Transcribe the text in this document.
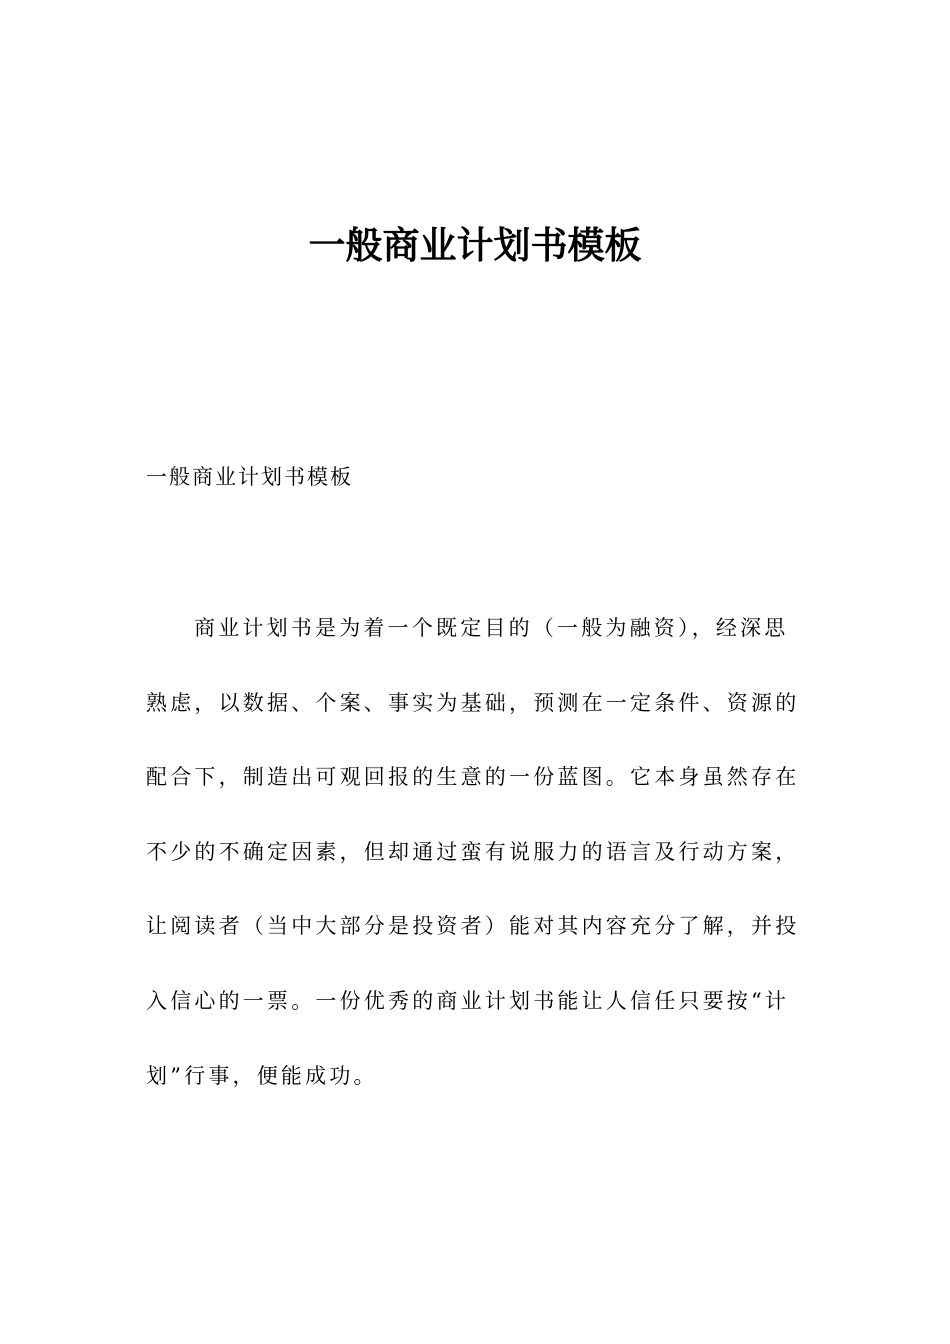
一般商业计划书模板

一般商业计划书模板

商业计划书是为着一个既定目的（一般为融资），经深思
熟虑，以数据、个案、事实为基础，预测在一定条件、资源的
配合下，制造出可观回报的生意的一份蓝图。它本身虽然存在
不少的不确定因素，但却通过蛮有说服力的语言及行动方案，
让阅读者（当中大部分是投资者）能对其内容充分了解，并投
入信心的一票。一份优秀的商业计划书能让人信任只要按“计
划”行事，便能成功。
